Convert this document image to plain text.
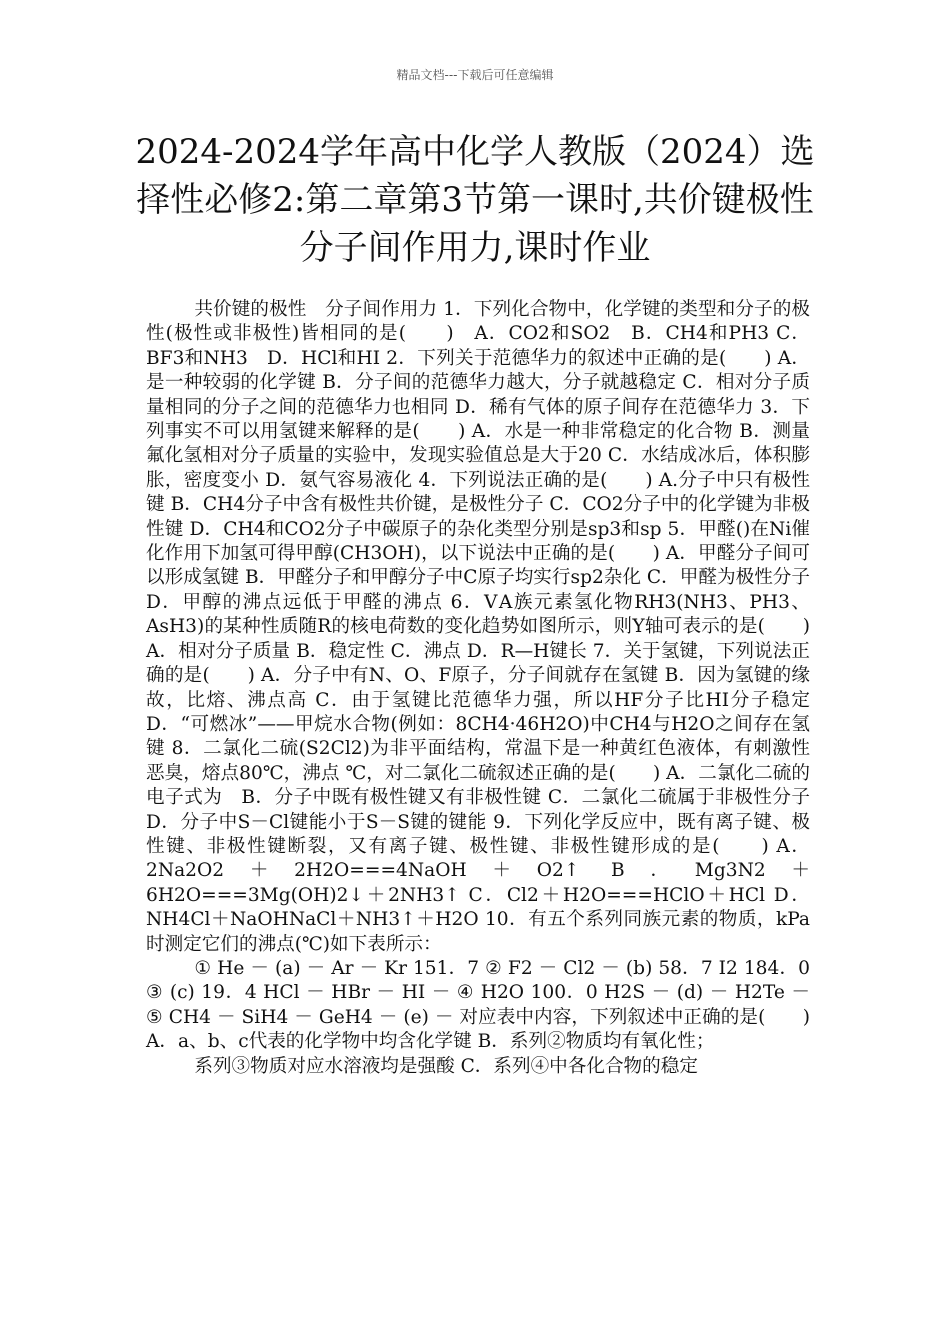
精品文档---下载后可任意编辑
2024-2024学年高中化学人教版（2024）选择性必修2:第二章第3节第一课时,共价键极性分子间作用力,课时作业

共价键的极性　分子间作用力 1．下列化合物中，化学键的类型和分子的极性(极性或非极性)皆相同的是(　　)　A．CO2和SO2　B．CH4和PH3 C．BF3和NH3　D．HCl和HI 2．下列关于范德华力的叙述中正确的是(　　) A．是一种较弱的化学键 B．分子间的范德华力越大，分子就越稳定 C．相对分子质量相同的分子之间的范德华力也相同 D．稀有气体的原子间存在范德华力 3．下列事实不可以用氢键来解释的是(　　) A．水是一种非常稳定的化合物 B．测量氟化氢相对分子质量的实验中，发现实验值总是大于20 C．水结成冰后，体积膨胀，密度变小 D．氨气容易液化 4．下列说法正确的是(　　) A.分子中只有极性键 B．CH4分子中含有极性共价键，是极性分子 C．CO2分子中的化学键为非极性键 D．CH4和CO2分子中碳原子的杂化类型分别是sp3和sp 5．甲醛()在Ni催化作用下加氢可得甲醇(CH3OH)，以下说法中正确的是(　　) A．甲醛分子间可以形成氢键 B．甲醛分子和甲醇分子中C原子均实行sp2杂化 C．甲醛为极性分子 D．甲醇的沸点远低于甲醛的沸点 6．ⅤA族元素氢化物RH3(NH3、PH3、AsH3)的某种性质随R的核电荷数的变化趋势如图所示，则Y轴可表示的是(　　) A．相对分子质量 B．稳定性 C．沸点 D．R—H键长 7．关于氢键，下列说法正确的是(　　) A．分子中有N、O、F原子，分子间就存在氢键 B．因为氢键的缘故，比熔、沸点高 C．由于氢键比范德华力强，所以HF分子比HI分子稳定 D．“可燃冰”——甲烷水合物(例如：8CH4·46H2O)中CH4与H2O之间存在氢键 8．二氯化二硫(S2Cl2)为非平面结构，常温下是一种黄红色液体，有刺激性恶臭，熔点80℃，沸点 ℃，对二氯化二硫叙述正确的是(　　) A．二氯化二硫的电子式为　B．分子中既有极性键又有非极性键 C．二氯化二硫属于非极性分子 D．分子中S－Cl键能小于S－S键的键能 9．下列化学反应中，既有离子键、极性键、非极性键断裂，又有离子键、极性键、非极性键形成的是(　　) A．2Na2O2＋2H2O===4NaOH＋O2↑ B．Mg3N2＋6H2O===3Mg(OH)2↓＋2NH3↑ C．Cl2＋H2O===HClO＋HCl D．NH4Cl＋NaOHNaCl＋NH3↑＋H2O 10．有五个系列同族元素的物质，kPa时测定它们的沸点(℃)如下表所示：

① He － (a) － Ar － Kr 151．7 ② F2 － Cl2 － (b) 58．7 I2 184．0 ③ (c) 19．4 HCl － HBr － HI － ④ H2O 100．0 H2S － (d) － H2Te － ⑤ CH4 － SiH4 － GeH4 － (e) － 对应表中内容，下列叙述中正确的是(　　) A．a、b、c代表的化学物中均含化学键 B．系列②物质均有氧化性；

系列③物质对应水溶液均是强酸 C．系列④中各化合物的稳定
